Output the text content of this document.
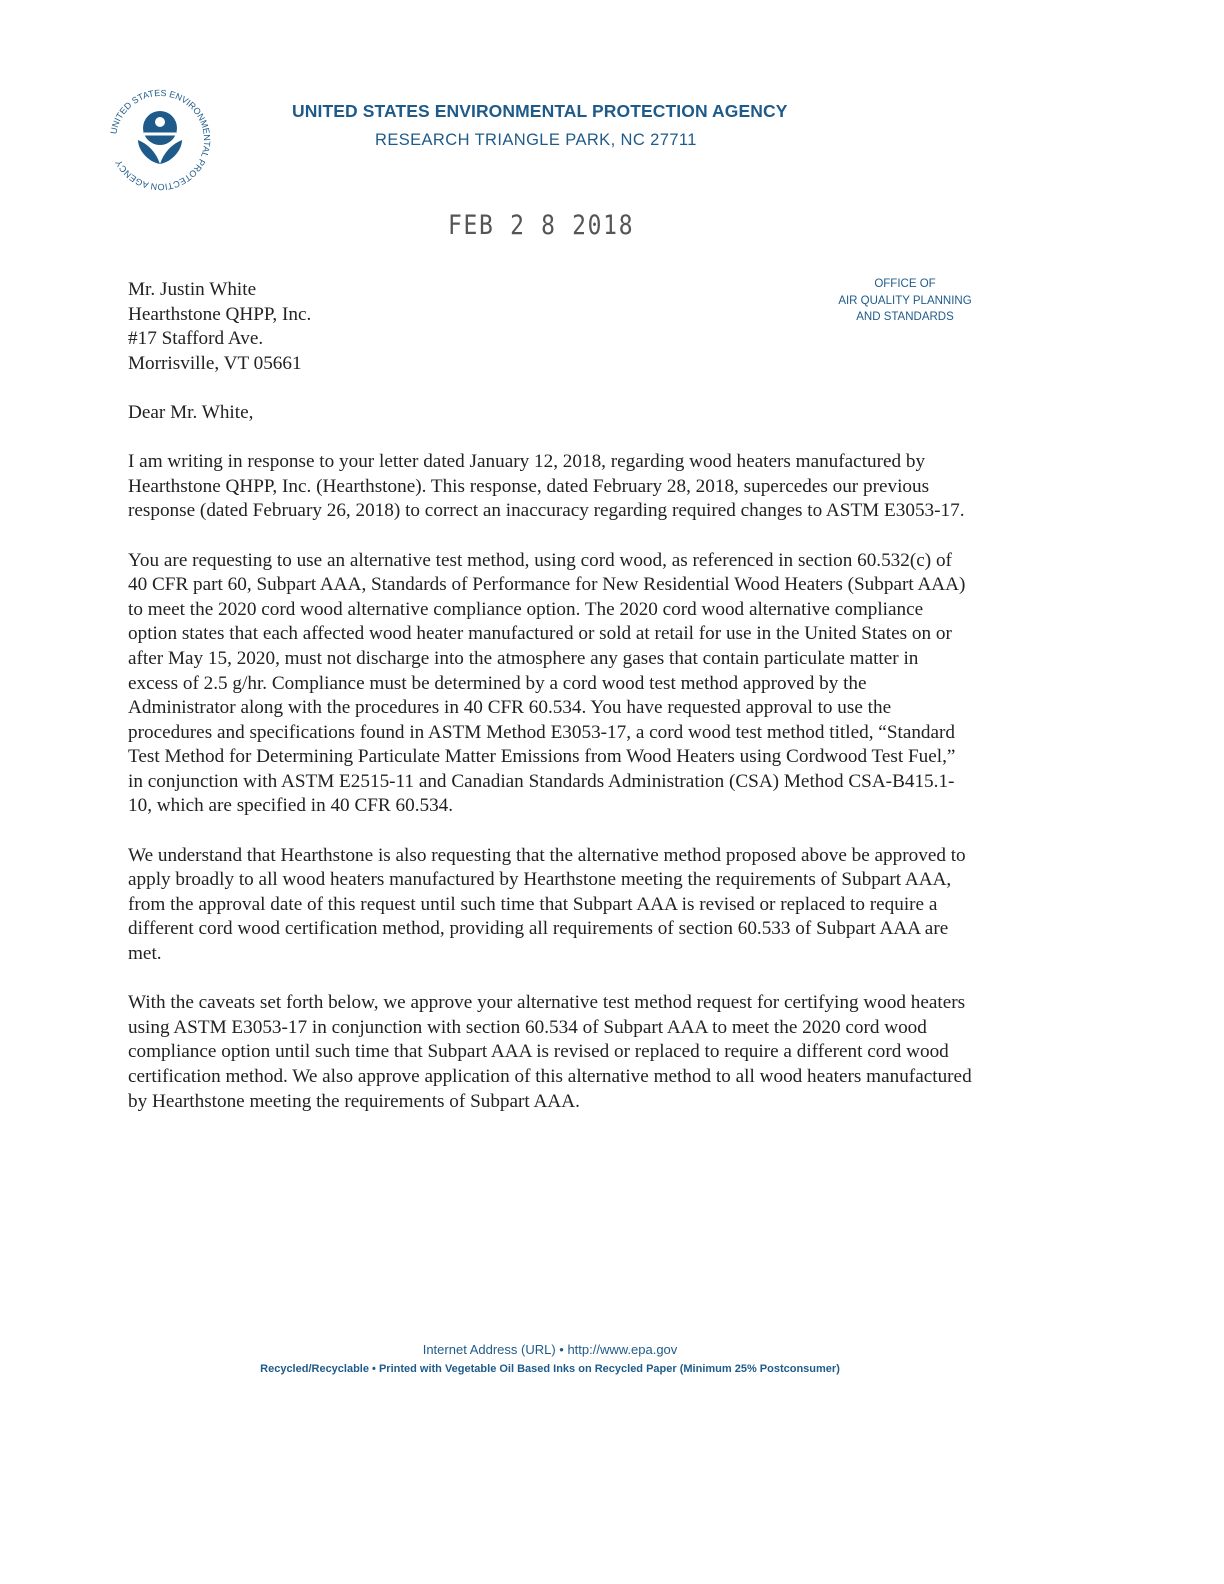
UNITED STATES ENVIRONMENTAL PROTECTION AGENCY
UNITED STATES ENVIRONMENTAL PROTECTION AGENCY
RESEARCH TRIANGLE PARK, NC 27711
FEB 2 8 2018
OFFICE OF
AIR QUALITY PLANNING
AND STANDARDS
Mr. Justin White
Hearthstone QHPP, Inc.
#17 Stafford Ave.
Morrisville, VT 05661

Dear Mr. White,

I am writing in response to your letter dated January 12, 2018, regarding wood heaters manufactured by Hearthstone QHPP, Inc. (Hearthstone). This response, dated February 28, 2018, supercedes our previous response (dated February 26, 2018) to correct an inaccuracy regarding required changes to ASTM E3053-17.

You are requesting to use an alternative test method, using cord wood, as referenced in section 60.532(c) of 40 CFR part 60, Subpart AAA, Standards of Performance for New Residential Wood Heaters (Subpart AAA) to meet the 2020 cord wood alternative compliance option. The 2020 cord wood alternative compliance option states that each affected wood heater manufactured or sold at retail for use in the United States on or after May 15, 2020, must not discharge into the atmosphere any gases that contain particulate matter in excess of 2.5 g/hr. Compliance must be determined by a cord wood test method approved by the Administrator along with the procedures in 40 CFR 60.534. You have requested approval to use the procedures and specifications found in ASTM Method E3053-17, a cord wood test method titled, “Standard Test Method for Determining Particulate Matter Emissions from Wood Heaters using Cordwood Test Fuel,” in conjunction with ASTM E2515-11 and Canadian Standards Administration (CSA) Method CSA-B415.1-10, which are specified in 40 CFR 60.534.

We understand that Hearthstone is also requesting that the alternative method proposed above be approved to apply broadly to all wood heaters manufactured by Hearthstone meeting the requirements of Subpart AAA, from the approval date of this request until such time that Subpart AAA is revised or replaced to require a different cord wood certification method, providing all requirements of section 60.533 of Subpart AAA are met.

With the caveats set forth below, we approve your alternative test method request for certifying wood heaters using ASTM E3053-17 in conjunction with section 60.534 of Subpart AAA to meet the 2020 cord wood compliance option until such time that Subpart AAA is revised or replaced to require a different cord wood certification method. We also approve application of this alternative method to all wood heaters manufactured by Hearthstone meeting the requirements of Subpart AAA.

Internet Address (URL) • http://www.epa.gov
Recycled/Recyclable • Printed with Vegetable Oil Based Inks on Recycled Paper (Minimum 25% Postconsumer)
